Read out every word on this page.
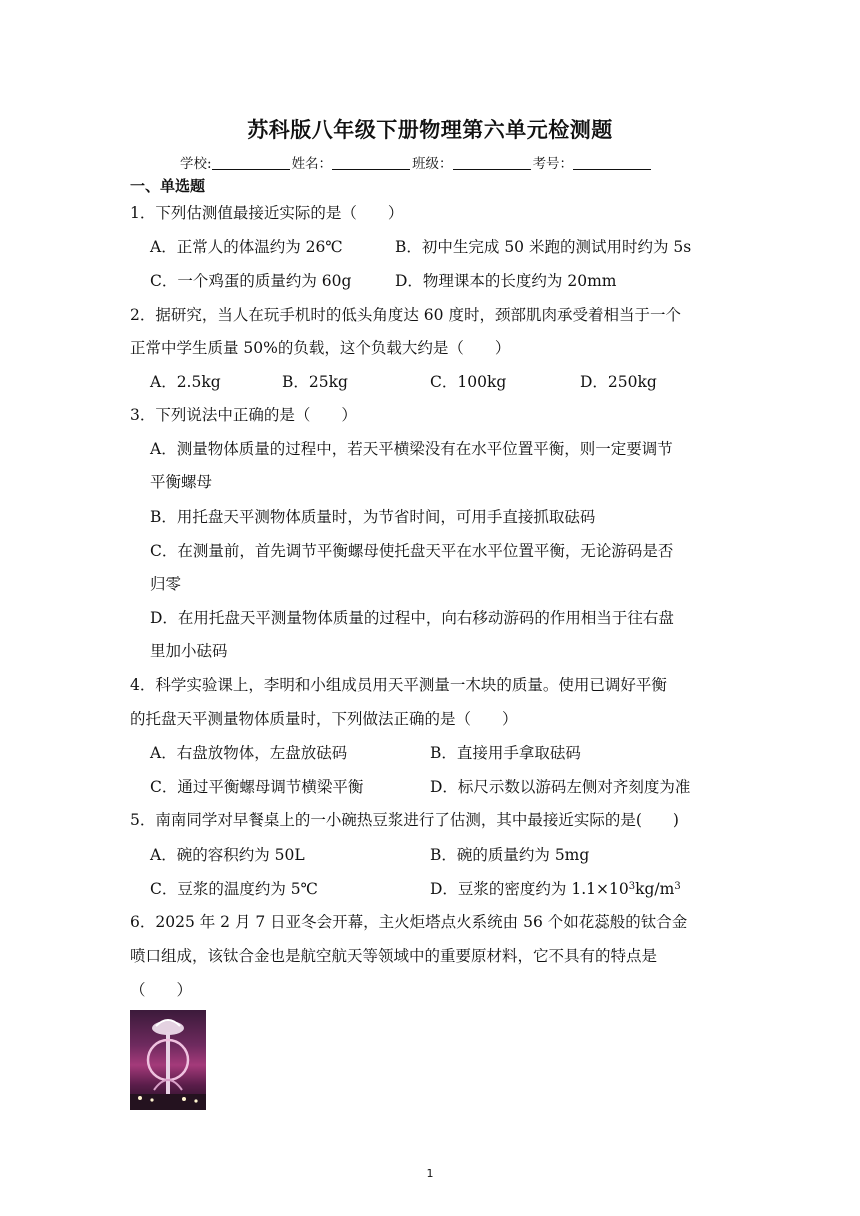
苏科版八年级下册物理第六单元检测题
学校:	姓名：	班级：	考号：
一、单选题
1．下列估测值最接近实际的是（　　）
A．正常人的体温约为 26℃	B．初中生完成 50 米跑的测试用时约为 5s
C．一个鸡蛋的质量约为 60g	D．物理课本的长度约为 20mm
2．据研究，当人在玩手机时的低头角度达 60 度时，颈部肌肉承受着相当于一个
正常中学生质量 50%的负载，这个负载大约是（　　）
A．2.5kg	B．25kg	C．100kg	D．250kg
3．下列说法中正确的是（　　）
A．测量物体质量的过程中，若天平横梁没有在水平位置平衡，则一定要调节
平衡螺母
B．用托盘天平测物体质量时，为节省时间，可用手直接抓取砝码
C．在测量前，首先调节平衡螺母使托盘天平在水平位置平衡，无论游码是否
归零
D．在用托盘天平测量物体质量的过程中，向右移动游码的作用相当于往右盘
里加小砝码
4．科学实验课上，李明和小组成员用天平测量一木块的质量。使用已调好平衡
的托盘天平测量物体质量时，下列做法正确的是（　　）
A．右盘放物体，左盘放砝码	B．直接用手拿取砝码
C．通过平衡螺母调节横梁平衡	D．标尺示数以游码左侧对齐刻度为准
5．南南同学对早餐桌上的一小碗热豆浆进行了估测，其中最接近实际的是(　　)
A．碗的容积约为 50L	B．碗的质量约为 5mg
C．豆浆的温度约为 5℃	D．豆浆的密度约为 $1.1\times 10^3kg/m^3$
6．2025 年 2 月 7 日亚冬会开幕，主火炬塔点火系统由 56 个如花蕊般的钛合金
喷口组成，该钛合金也是航空航天等领域中的重要原材料，它不具有的特点是
（　　）
1
